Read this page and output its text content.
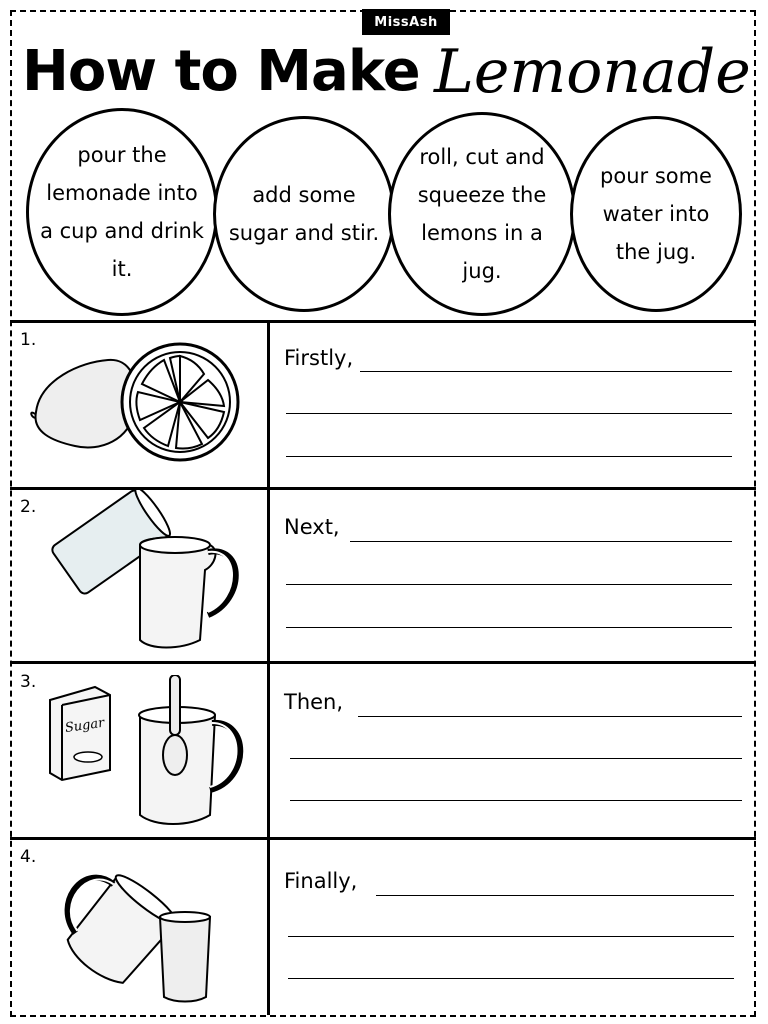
MissAsh
How to Make Lemonade
pour the lemonade into a cup and drink it.
add some sugar and stir.
roll, cut and squeeze the lemons in a jug.
pour some water into the jug.
1.
Firstly,
2.
Next,
3.
Sugar
Then,
4.
Finally,
